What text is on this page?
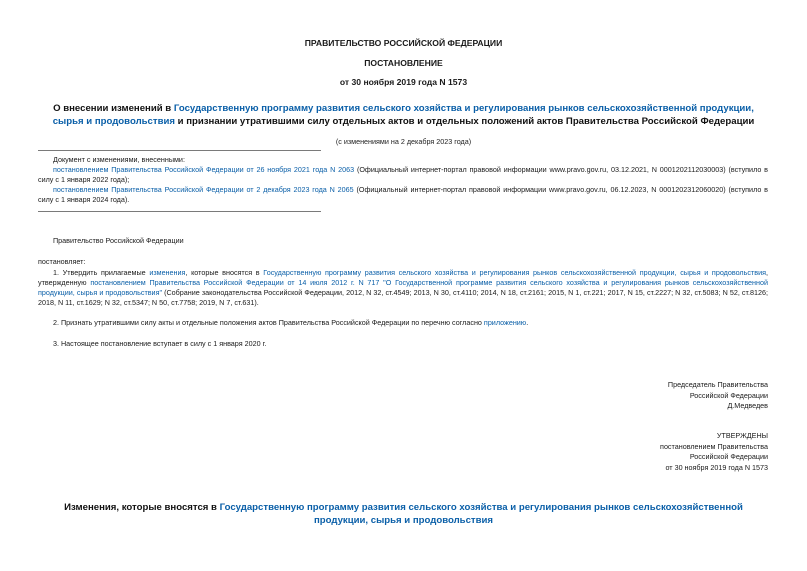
ПРАВИТЕЛЬСТВО РОССИЙСКОЙ ФЕДЕРАЦИИ
ПОСТАНОВЛЕНИЕ
от 30 ноября 2019 года N 1573
О внесении изменений в Государственную программу развития сельского хозяйства и регулирования рынков сельскохозяйственной продукции, сырья и продовольствия и признании утратившими силу отдельных актов и отдельных положений актов Правительства Российской Федерации
(с изменениями на 2 декабря 2023 года)
Документ с изменениями, внесенными:
постановлением Правительства Российской Федерации от 26 ноября 2021 года N 2063 (Официальный интернет-портал правовой информации www.pravo.gov.ru, 03.12.2021, N 0001202112030003) (вступило в силу с 1 января 2022 года);
постановлением Правительства Российской Федерации от 2 декабря 2023 года N 2065 (Официальный интернет-портал правовой информации www.pravo.gov.ru, 06.12.2023, N 0001202312060020) (вступило в силу с 1 января 2024 года).
Правительство Российской Федерации
постановляет:
1. Утвердить прилагаемые изменения, которые вносятся в Государственную программу развития сельского хозяйства и регулирования рынков сельскохозяйственной продукции, сырья и продовольствия, утвержденную постановлением Правительства Российской Федерации от 14 июля 2012 г. N 717 "О Государственной программе развития сельского хозяйства и регулирования рынков сельскохозяйственной продукции, сырья и продовольствия" (Собрание законодательства Российской Федерации, 2012, N 32, ст.4549; 2013, N 30, ст.4110; 2014, N 18, ст.2161; 2015, N 1, ст.221; 2017, N 15, ст.2227; N 32, ст.5083; N 52, ст.8126; 2018, N 11, ст.1629; N 32, ст.5347; N 50, ст.7758; 2019, N 7, ст.631).
2. Признать утратившими силу акты и отдельные положения актов Правительства Российской Федерации по перечню согласно приложению.
3. Настоящее постановление вступает в силу с 1 января 2020 г.
Председатель Правительства
Российской Федерации
Д.Медведев
УТВЕРЖДЕНЫ
постановлением Правительства
Российской Федерации
от 30 ноября 2019 года N 1573
Изменения, которые вносятся в Государственную программу развития сельского хозяйства и регулирования рынков сельскохозяйственной продукции, сырья и продовольствия
